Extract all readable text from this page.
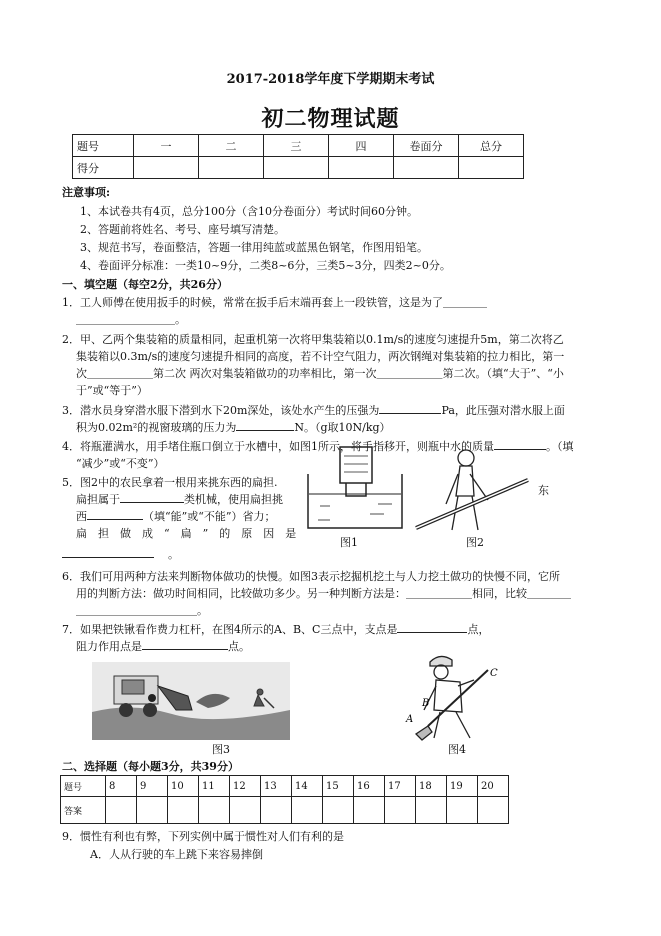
2017-2018学年度下学期期末考试
初二物理试题
题号	一	二	三	四	卷面分	总分
得分						
注意事项:
1、本试卷共有4页，总分100分（含10分卷面分）考试时间60分钟。
2、答题前将姓名、考号、座号填写清楚。
3、规范书写，卷面整洁，答题一律用纯蓝或蓝黑色钢笔，作图用铅笔。
4、卷面评分标准：一类10~9分，二类8~6分，三类5~3分，四类2~0分。
一、填空题（每空2分，共26分）
1．工人师傅在使用扳手的时候，常常在扳手后末端再套上一段铁管，这是为了＿＿＿＿
＿＿＿＿＿＿＿＿＿。
2．甲、乙两个集装箱的质量相同，起重机第一次将甲集装箱以0.1m/s的速度匀速提升5m，第二次将乙
集装箱以0.3m/s的速度匀速提升相同的高度，若不计空气阻力，两次钢绳对集装箱的拉力相比，第一
次＿＿＿＿＿＿第二次 两次对集装箱做功的功率相比，第一次＿＿＿＿＿＿第二次。（填“大于”、“小
于”或“等于”）
3．潜水员身穿潜水服下潜到水下20m深处，该处水产生的压强为	Pa，此压强对潜水服上面
积为0.02m²的视窗玻璃的压力为	N。（g取10N/kg）
4．将瓶灌满水，用手堵住瓶口倒立于水槽中，如图1所示，将手指移开，则瓶中水的质量	。（填
“减少”或“不变”）
5．图2中的农民拿着一根用来挑东西的扁担.
扁担属于	类机械，使用扁担挑
西	（填“能”或“不能”）省力；
扁　担　做　成　“　扁　”　的　原　因　是
。
东
图1	图2
6．我们可用两种方法来判断物体做功的快慢。如图3表示挖掘机挖土与人力挖土做功的快慢不同，它所
用的判断方法：做功时间相同，比较做功多少。另一种判断方法是：＿＿＿＿＿＿相同，比较＿＿＿＿
＿＿＿＿＿＿＿＿＿＿＿。
7．如果把铁锹看作费力杠杆，在图4所示的A、B、C三点中，支点是	点，
阻力作用点是	点。
图3
A
B
C
图4
二、选择题（每小题3分，共39分）
题号	8	9	10	11	12	13	14	15	16	17	18	19	20
答案													
9．惯性有利也有弊，下列实例中属于惯性对人们有利的是
A．人从行驶的车上跳下来容易摔倒
